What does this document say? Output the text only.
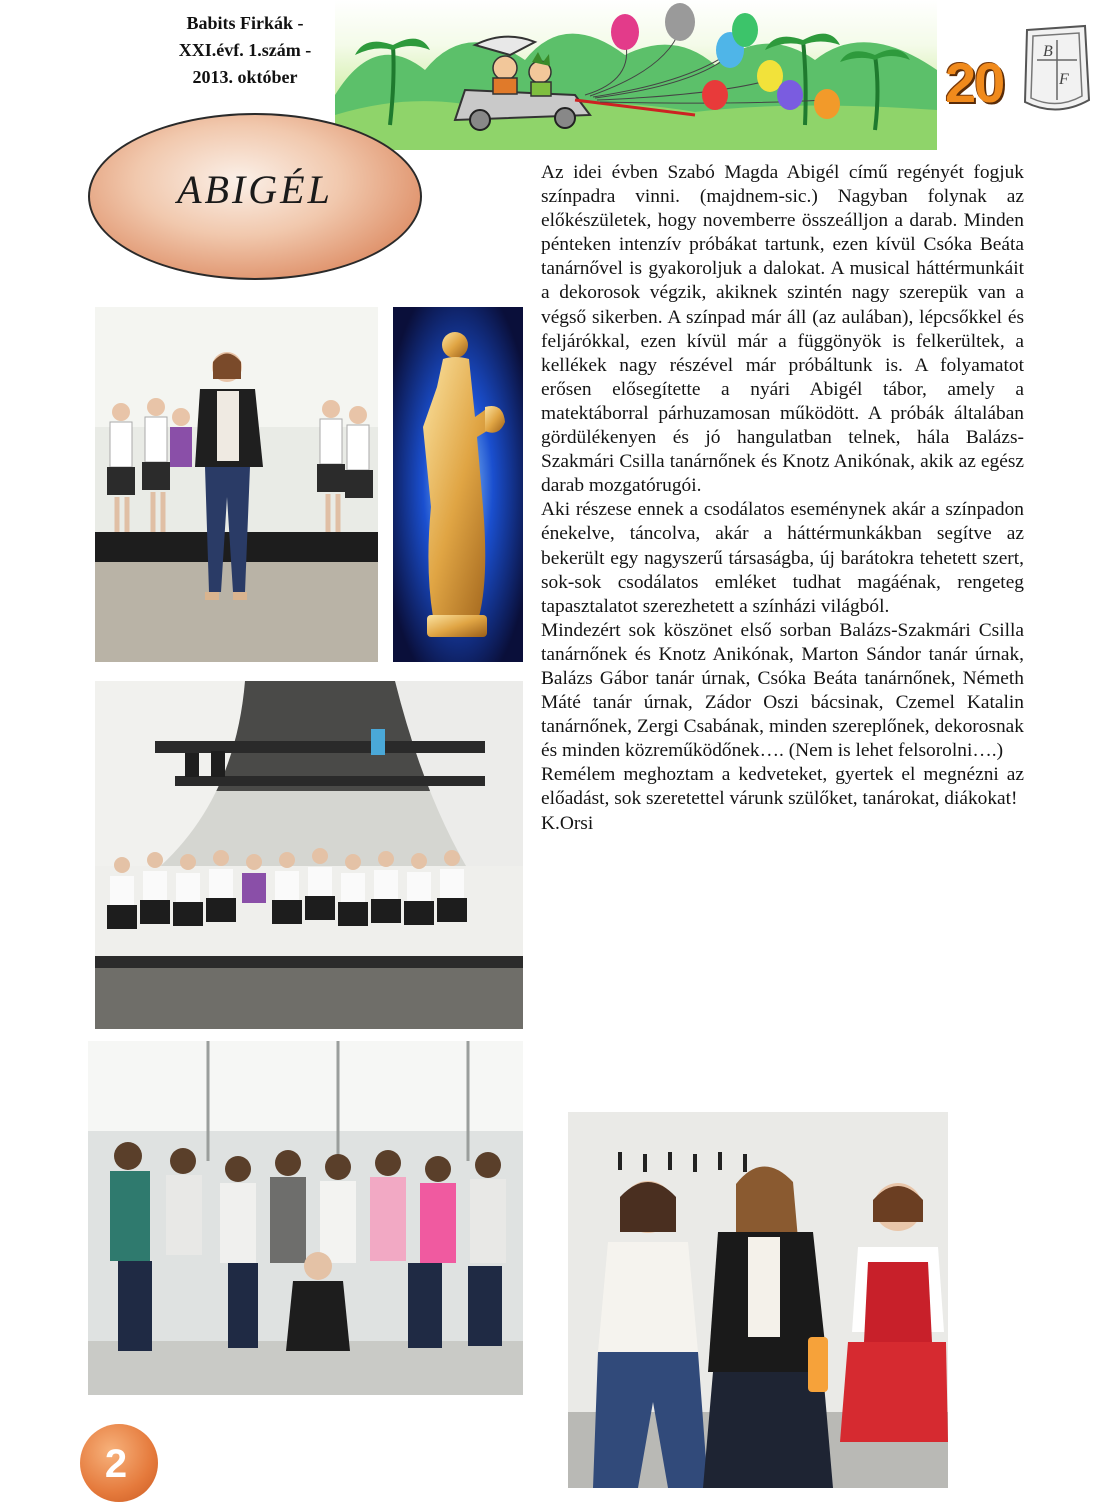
Babits Firkák -
XXI.évf. 1.szám -
2013. október	20 B
F
ABIGÉL	Az idei évben Szabó Magda Abigél című regényét fogjuk színpadra vinni. (majdnem-sic.) Nagyban folynak az előkészületek, hogy novemberre összeálljon a darab. Minden pénteken intenzív próbákat tartunk, ezen kívül Csóka Beáta tanárnővel is gyakoroljuk a dalokat. A musical háttérmunkáit a dekorosok végzik, akiknek szintén nagy szerepük van a végső sikerben. A színpad már áll (az aulában), lépcsőkkel és feljárókkal, ezen kívül már a függönyök is felkerültek, a kellékek nagy részével már próbáltunk is. A folyamatot erősen elősegítette a nyári Abigél tábor, amely a matektáborral párhuzamosan működött. A próbák általában gördülékenyen és jó hangulatban telnek, hála Balázs-Szakmári Csilla tanárnőnek és Knotz Anikónak, akik az egész darab mozgatórugói.

Aki részese ennek a csodálatos eseménynek akár a színpadon énekelve, táncolva, akár a háttérmunkákban segítve az bekerült egy nagyszerű társaságba, új barátokra tehetett szert, sok-sok csodálatos emléket tudhat magáénak, rengeteg tapasztalatot szerezhetett a színházi világból.

Mindezért sok köszönet első sorban Balázs-Szakmári Csilla tanárnőnek és Knotz Anikónak, Marton Sándor tanár úrnak, Balázs Gábor tanár úrnak, Csóka Beáta tanárnőnek, Németh Máté tanár úrnak, Zádor Oszi bácsinak, Czemel Katalin tanárnőnek, Zergi Csabának, minden szereplőnek, dekorosnak és minden közreműködőnek…. (Nem is lehet felsorolni….)

Remélem meghoztam a kedveteket, gyertek el megnézni az előadást, sok szeretettel várunk szülőket, tanárokat, diákokat!

K.Orsi

2
